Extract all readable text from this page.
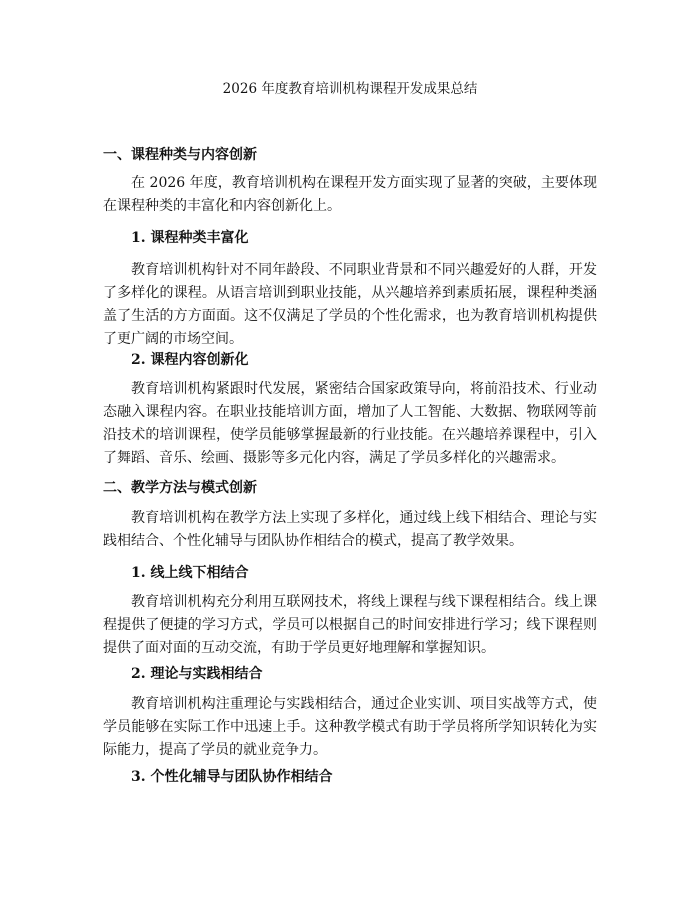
2026 年度教育培训机构课程开发成果总结
一、课程种类与内容创新

在 2026 年度，教育培训机构在课程开发方面实现了显著的突破，主要体现在课程种类的丰富化和内容创新化上。

1. 课程种类丰富化

教育培训机构针对不同年龄段、不同职业背景和不同兴趣爱好的人群，开发了多样化的课程。从语言培训到职业技能，从兴趣培养到素质拓展，课程种类涵盖了生活的方方面面。这不仅满足了学员的个性化需求，也为教育培训机构提供了更广阔的市场空间。

2. 课程内容创新化

教育培训机构紧跟时代发展，紧密结合国家政策导向，将前沿技术、行业动态融入课程内容。在职业技能培训方面，增加了人工智能、大数据、物联网等前沿技术的培训课程，使学员能够掌握最新的行业技能。在兴趣培养课程中，引入了舞蹈、音乐、绘画、摄影等多元化内容，满足了学员多样化的兴趣需求。

二、教学方法与模式创新

教育培训机构在教学方法上实现了多样化，通过线上线下相结合、理论与实践相结合、个性化辅导与团队协作相结合的模式，提高了教学效果。

1. 线上线下相结合

教育培训机构充分利用互联网技术，将线上课程与线下课程相结合。线上课程提供了便捷的学习方式，学员可以根据自己的时间安排进行学习；线下课程则提供了面对面的互动交流，有助于学员更好地理解和掌握知识。

2. 理论与实践相结合

教育培训机构注重理论与实践相结合，通过企业实训、项目实战等方式，使学员能够在实际工作中迅速上手。这种教学模式有助于学员将所学知识转化为实际能力，提高了学员的就业竞争力。

3. 个性化辅导与团队协作相结合
